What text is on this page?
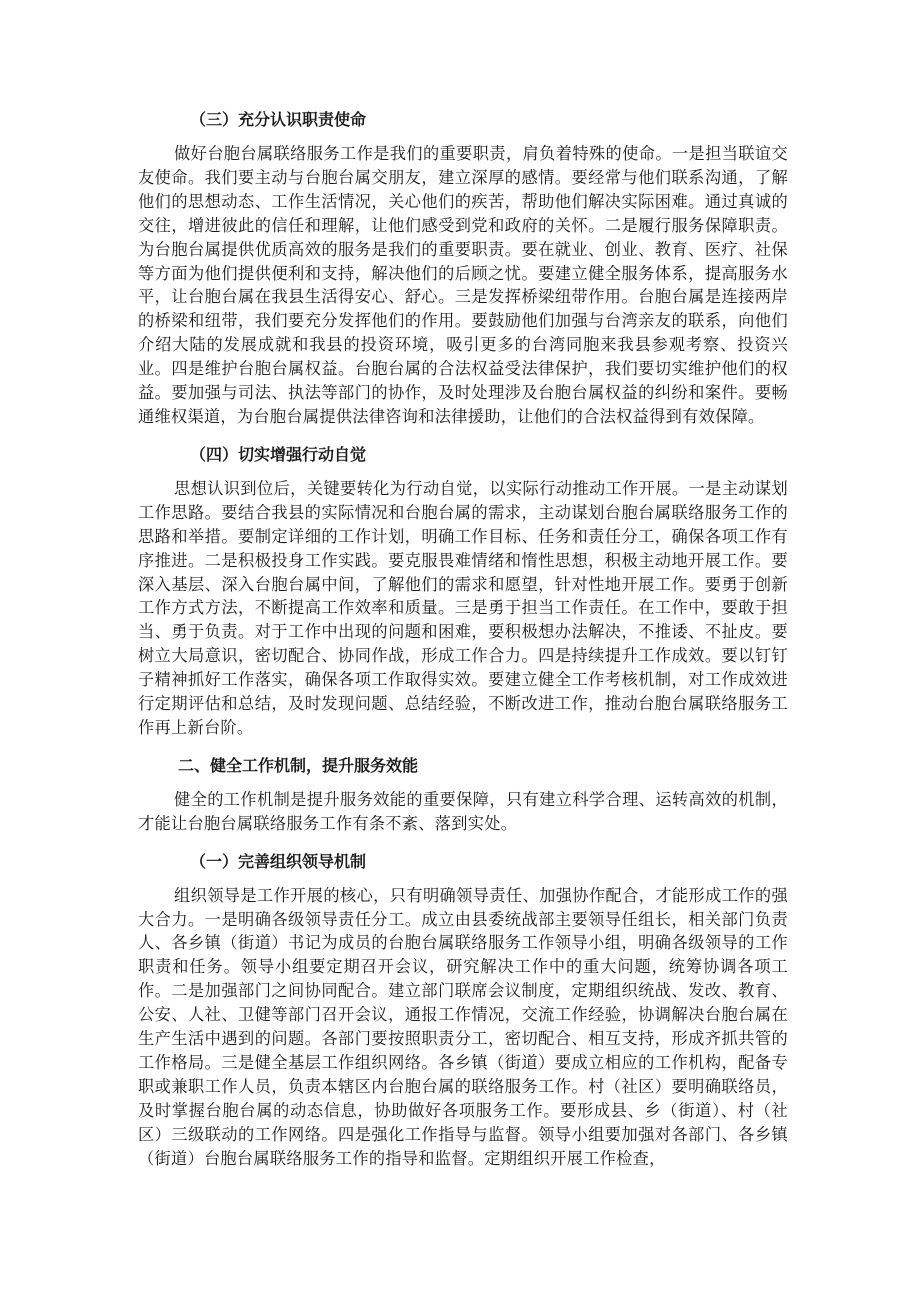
（三）充分认识职责使命

做好台胞台属联络服务工作是我们的重要职责，肩负着特殊的使命。一是担当联谊交友使命。我们要主动与台胞台属交朋友，建立深厚的感情。要经常与他们联系沟通，了解他们的思想动态、工作生活情况，关心他们的疾苦，帮助他们解决实际困难。通过真诚的交往，增进彼此的信任和理解，让他们感受到党和政府的关怀。二是履行服务保障职责。为台胞台属提供优质高效的服务是我们的重要职责。要在就业、创业、教育、医疗、社保等方面为他们提供便利和支持，解决他们的后顾之忧。要建立健全服务体系，提高服务水平，让台胞台属在我县生活得安心、舒心。三是发挥桥梁纽带作用。台胞台属是连接两岸的桥梁和纽带，我们要充分发挥他们的作用。要鼓励他们加强与台湾亲友的联系，向他们介绍大陆的发展成就和我县的投资环境，吸引更多的台湾同胞来我县参观考察、投资兴业。四是维护台胞台属权益。台胞台属的合法权益受法律保护，我们要切实维护他们的权益。要加强与司法、执法等部门的协作，及时处理涉及台胞台属权益的纠纷和案件。要畅通维权渠道，为台胞台属提供法律咨询和法律援助，让他们的合法权益得到有效保障。

（四）切实增强行动自觉

思想认识到位后，关键要转化为行动自觉，以实际行动推动工作开展。一是主动谋划工作思路。要结合我县的实际情况和台胞台属的需求，主动谋划台胞台属联络服务工作的思路和举措。要制定详细的工作计划，明确工作目标、任务和责任分工，确保各项工作有序推进。二是积极投身工作实践。要克服畏难情绪和惰性思想，积极主动地开展工作。要深入基层、深入台胞台属中间，了解他们的需求和愿望，针对性地开展工作。要勇于创新工作方式方法，不断提高工作效率和质量。三是勇于担当工作责任。在工作中，要敢于担当、勇于负责。对于工作中出现的问题和困难，要积极想办法解决，不推诿、不扯皮。要树立大局意识，密切配合、协同作战，形成工作合力。四是持续提升工作成效。要以钉钉子精神抓好工作落实，确保各项工作取得实效。要建立健全工作考核机制，对工作成效进行定期评估和总结，及时发现问题、总结经验，不断改进工作，推动台胞台属联络服务工作再上新台阶。

二、健全工作机制，提升服务效能

健全的工作机制是提升服务效能的重要保障，只有建立科学合理、运转高效的机制，才能让台胞台属联络服务工作有条不紊、落到实处。

（一）完善组织领导机制

组织领导是工作开展的核心，只有明确领导责任、加强协作配合，才能形成工作的强大合力。一是明确各级领导责任分工。成立由县委统战部主要领导任组长，相关部门负责人、各乡镇（街道）书记为成员的台胞台属联络服务工作领导小组，明确各级领导的工作职责和任务。领导小组要定期召开会议，研究解决工作中的重大问题，统筹协调各项工作。二是加强部门之间协同配合。建立部门联席会议制度，定期组织统战、发改、教育、公安、人社、卫健等部门召开会议，通报工作情况，交流工作经验，协调解决台胞台属在生产生活中遇到的问题。各部门要按照职责分工，密切配合、相互支持，形成齐抓共管的工作格局。三是健全基层工作组织网络。各乡镇（街道）要成立相应的工作机构，配备专职或兼职工作人员，负责本辖区内台胞台属的联络服务工作。村（社区）要明确联络员，及时掌握台胞台属的动态信息，协助做好各项服务工作。要形成县、乡（街道）、村（社区）三级联动的工作网络。四是强化工作指导与监督。领导小组要加强对各部门、各乡镇（街道）台胞台属联络服务工作的指导和监督。定期组织开展工作检查，
